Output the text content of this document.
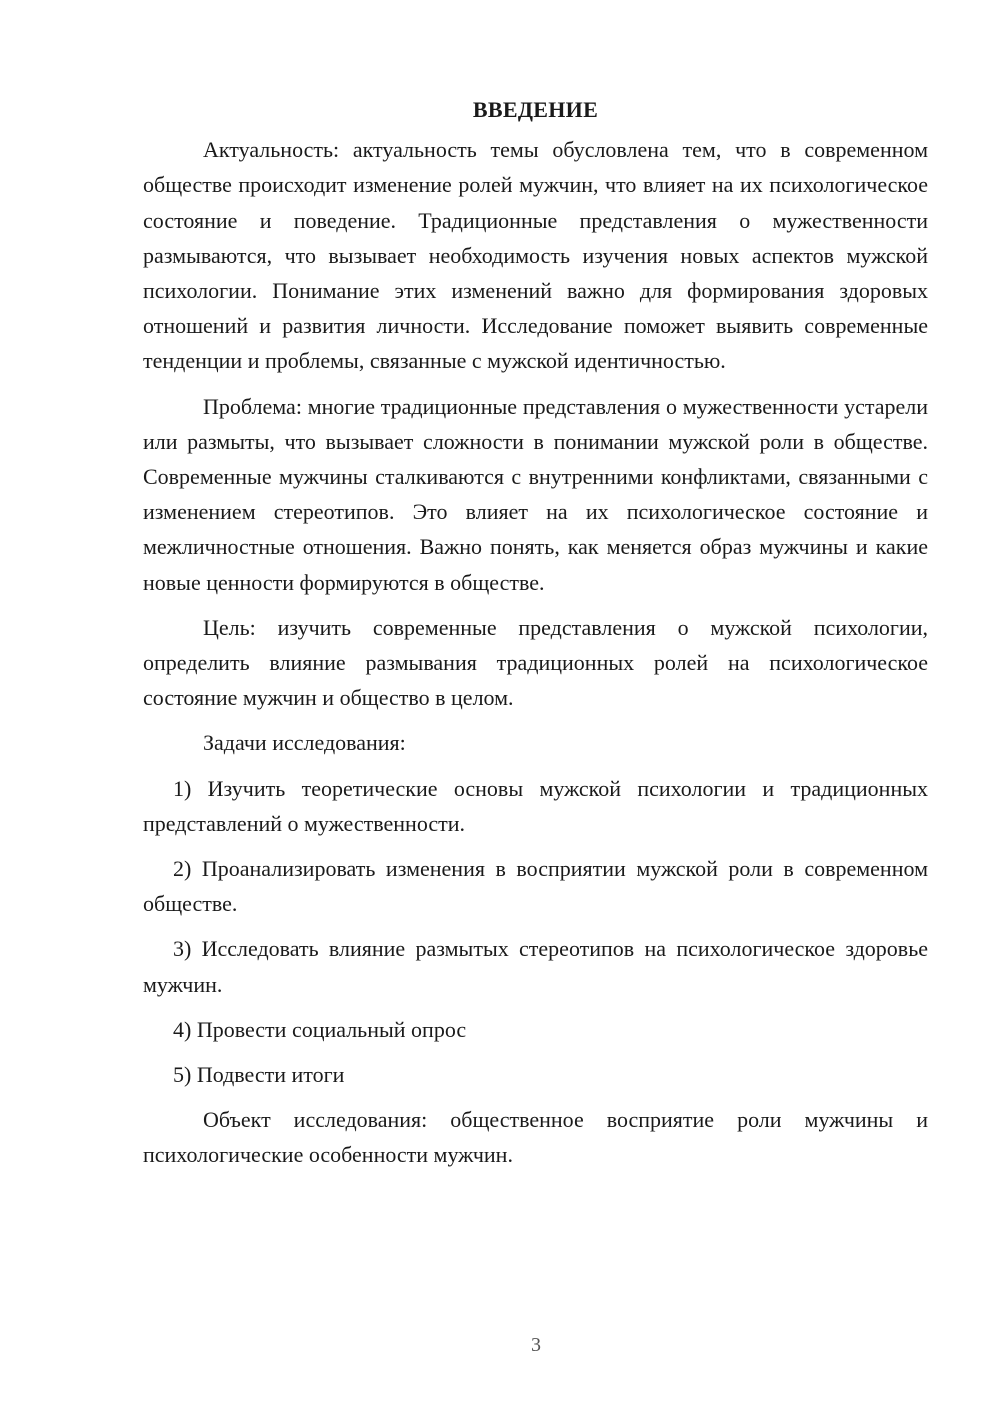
ВВЕДЕНИЕ

Актуальность: актуальность темы обусловлена тем, что в современном обществе происходит изменение ролей мужчин, что влияет на их психологическое состояние и поведение. Традиционные представления о мужественности размываются, что вызывает необходимость изучения новых аспектов мужской психологии. Понимание этих изменений важно для формирования здоровых отношений и развития личности. Исследование поможет выявить современные тенденции и проблемы, связанные с мужской идентичностью.

Проблема: многие традиционные представления о мужественности устарели или размыты, что вызывает сложности в понимании мужской роли в обществе. Современные мужчины сталкиваются с внутренними конфликтами, связанными с изменением стереотипов. Это влияет на их психологическое состояние и межличностные отношения. Важно понять, как меняется образ мужчины и какие новые ценности формируются в обществе.

Цель: изучить современные представления о мужской психологии, определить влияние размывания традиционных ролей на психологическое состояние мужчин и общество в целом.

Задачи исследования:

1) Изучить теоретические основы мужской психологии и традиционных представлений о мужественности.

2) Проанализировать изменения в восприятии мужской роли в современном обществе.

3) Исследовать влияние размытых стереотипов на психологическое здоровье мужчин.

4) Провести социальный опрос

5) Подвести итоги

Объект исследования: общественное восприятие роли мужчины и психологические особенности мужчин.

3
